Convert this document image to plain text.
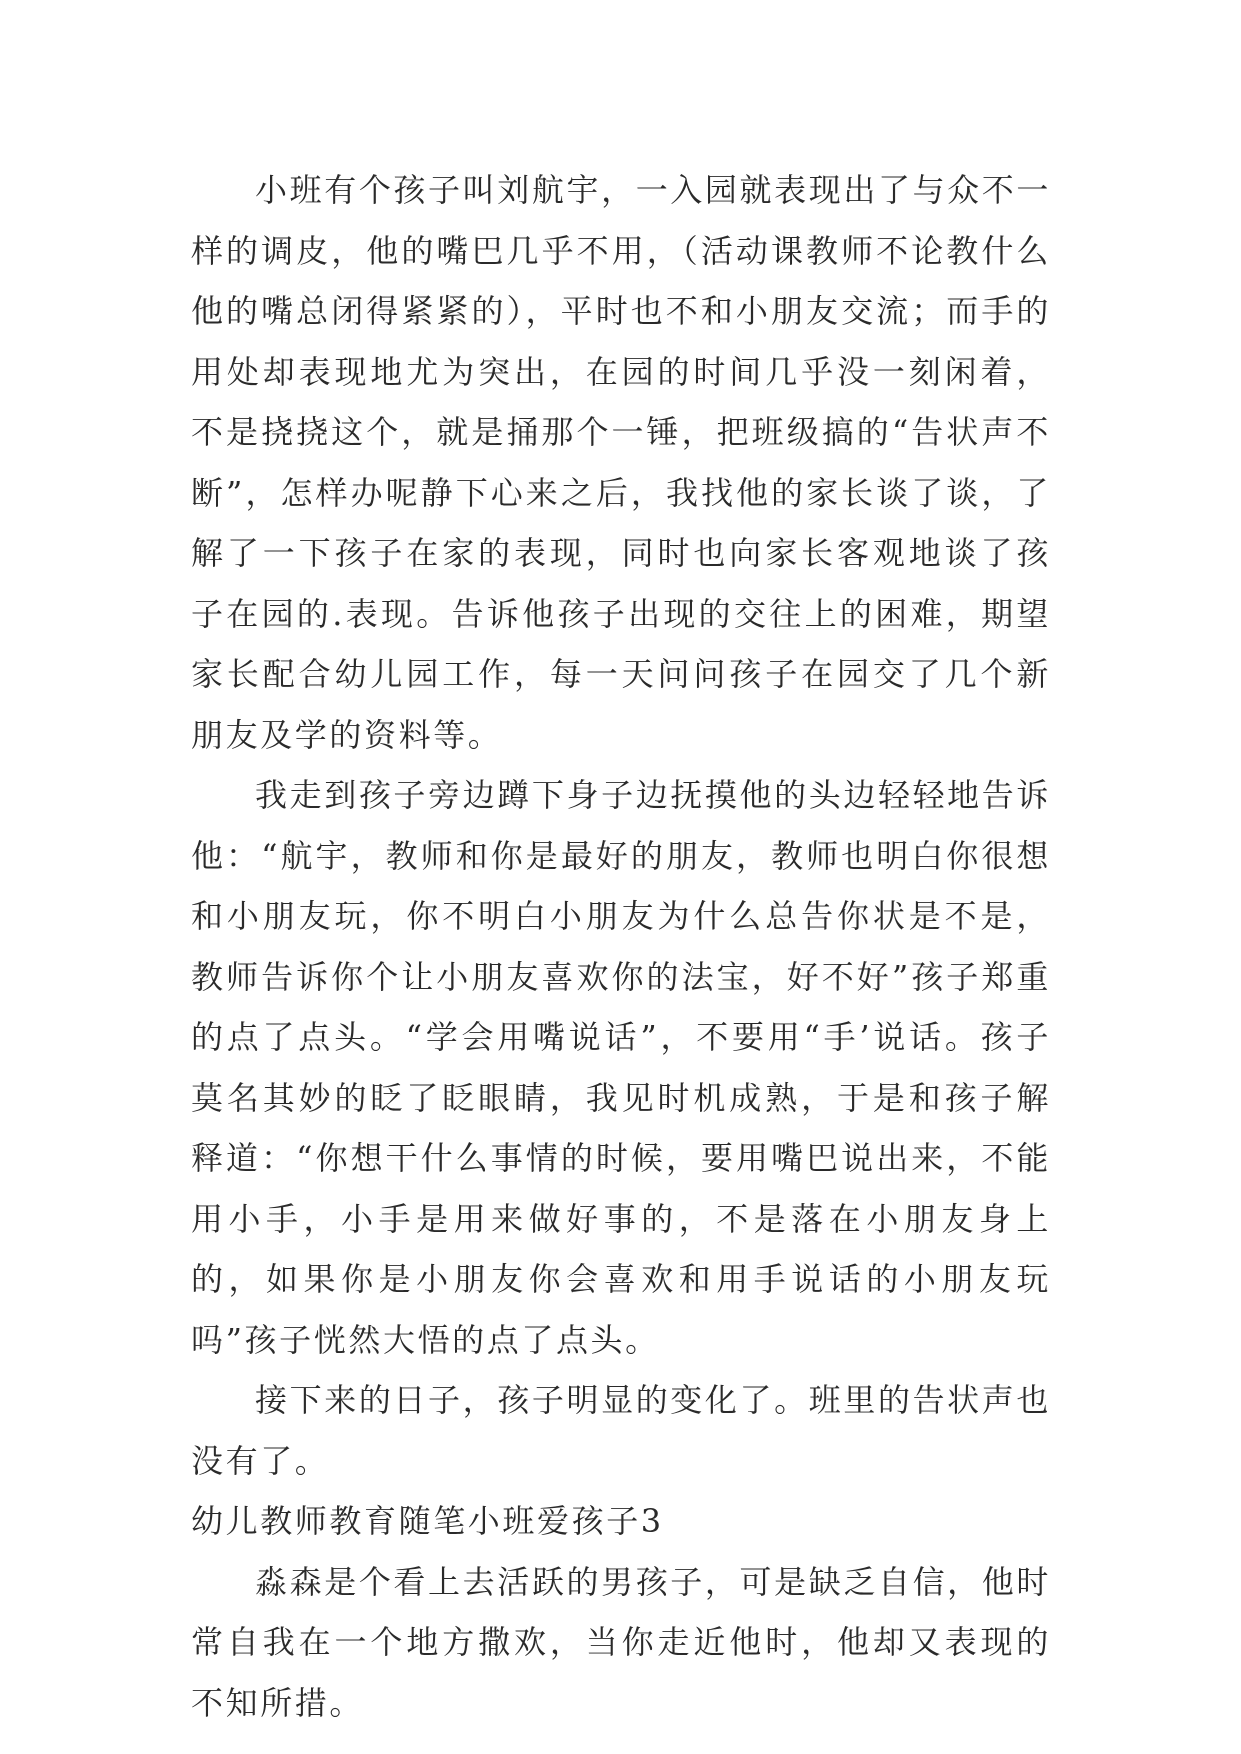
小班有个孩子叫刘航宇，一入园就表现出了与众不一样的调皮，他的嘴巴几乎不用，（活动课教师不论教什么他的嘴总闭得紧紧的），平时也不和小朋友交流；而手的用处却表现地尤为突出，在园的时间几乎没一刻闲着，不是挠挠这个，就是捅那个一锤，把班级搞的“告状声不断”，怎样办呢静下心来之后，我找他的家长谈了谈，了解了一下孩子在家的表现，同时也向家长客观地谈了孩子在园的.表现。告诉他孩子出现的交往上的困难，期望家长配合幼儿园工作，每一天问问孩子在园交了几个新朋友及学的资料等。

我走到孩子旁边蹲下身子边抚摸他的头边轻轻地告诉他：“航宇，教师和你是最好的朋友，教师也明白你很想和小朋友玩，你不明白小朋友为什么总告你状是不是，教师告诉你个让小朋友喜欢你的法宝，好不好”孩子郑重的点了点头。“学会用嘴说话”，不要用“手’说话。孩子莫名其妙的眨了眨眼睛，我见时机成熟，于是和孩子解释道：“你想干什么事情的时候，要用嘴巴说出来，不能用小手，小手是用来做好事的，不是落在小朋友身上的，如果你是小朋友你会喜欢和用手说话的小朋友玩吗”孩子恍然大悟的点了点头。

接下来的日子，孩子明显的变化了。班里的告状声也没有了。

幼儿教师教育随笔小班爱孩子3

淼森是个看上去活跃的男孩子，可是缺乏自信，他时常自我在一个地方撒欢，当你走近他时，他却又表现的不知所措。
